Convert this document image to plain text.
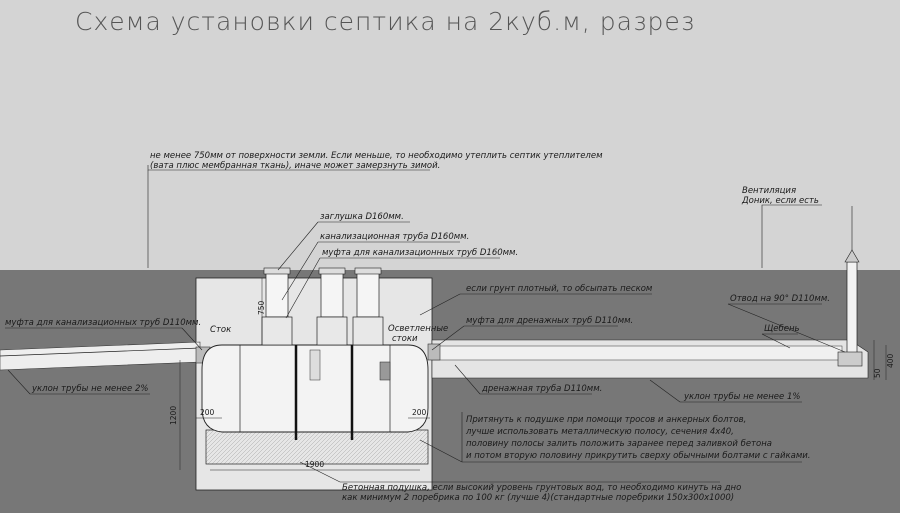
Схема установки септика на 2куб.м, разрез
не менее 750мм от поверхности земли. Если меньше, то необходимо утеплить септик утеплителем
(вата плюс мембранная ткань), иначе может замерзнуть зимой.
Вентиляция
Доник, если есть
заглушка D160мм.
канализационная труба D160мм.
муфта для канализационных труб D160мм.
если грунт плотный, то обсыпать песком
Отвод на 90° D110мм.
Щебень
муфта для канализационных труб D110мм.
Сток	Осветленные
стоки
муфта для дренажных труб D110мм.
уклон трубы не менее 2%	дренажная труба D110мм.
уклон трубы не менее 1%
Притянуть к подушке при помощи тросов и анкерных болтов,
лучше использовать металлическую полосу, сечения 4х40,
половину полосы залить положить заранее перед заливкой бетона
и потом вторую половину прикрутить сверху обычными болтами с гайками.
Бетонная подушка, если высокий уровень грунтовых вод, то необходимо кинуть на дно
как минимум 2 поребрика по 100 кг (лучше 4)(стандартные поребрики 150х300х1000)
750
200	200
1200
1900
50
400
